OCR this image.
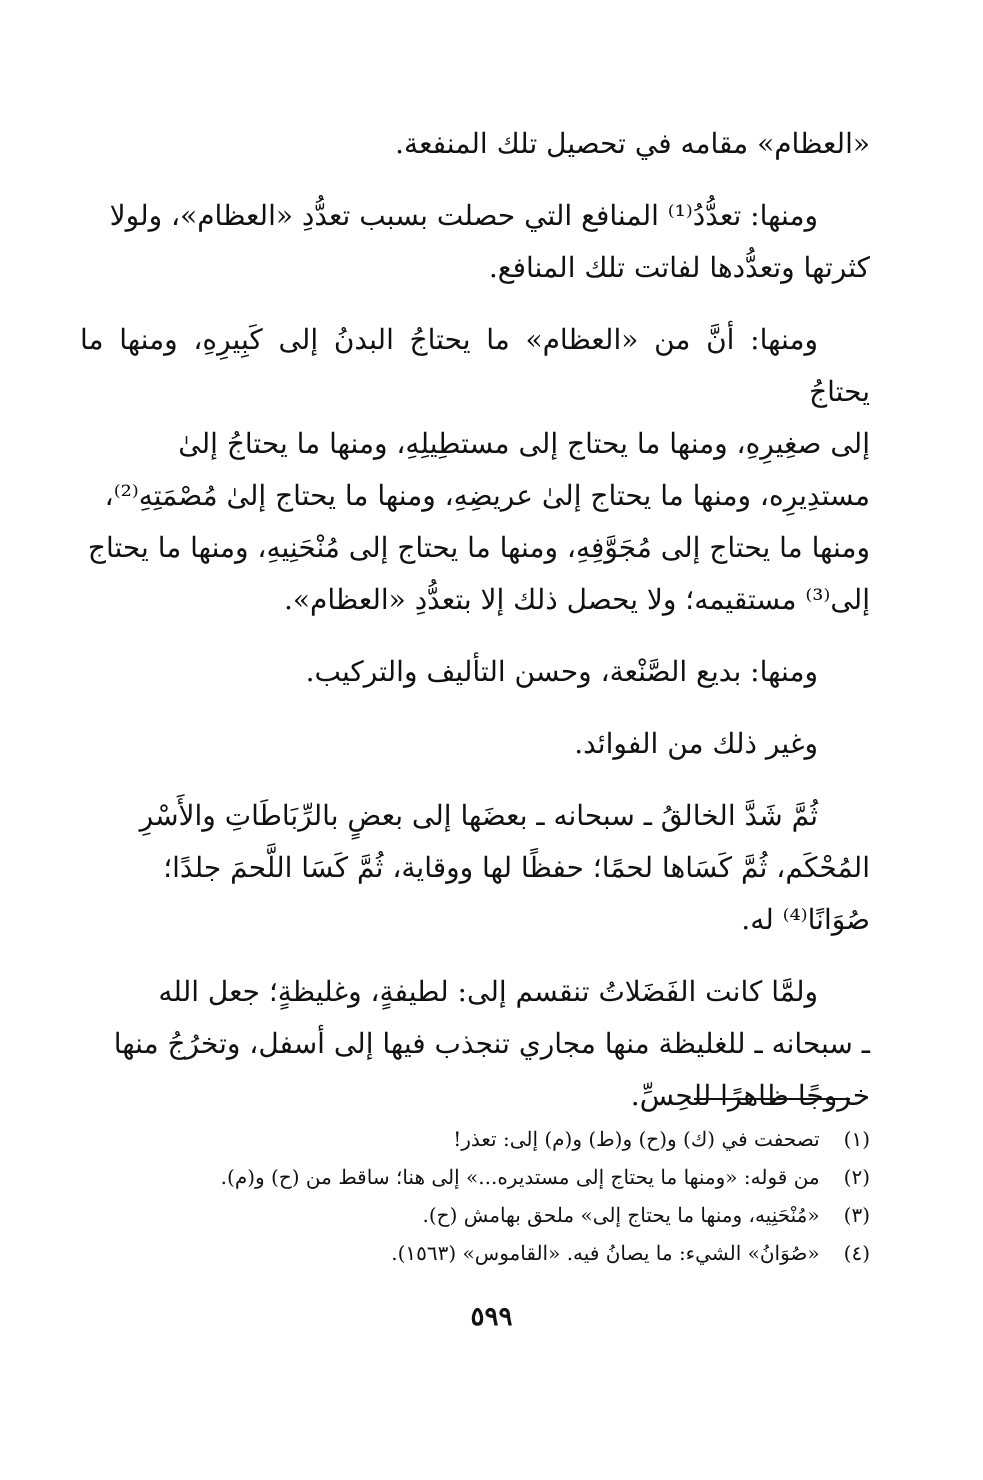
«العظام» مقامه في تحصيل تلك المنفعة.

ومنها: تعدُّدُ⁽¹⁾ المنافع التي حصلت بسبب تعدُّدِ «العظام»، ولولا
كثرتها وتعدُّدها لفاتت تلك المنافع.

ومنها: أنَّ من «العظام» ما يحتاجُ البدنُ إلى كَبِيرِهِ، ومنها ما يحتاجُ
إلى صغِيرِهِ، ومنها ما يحتاج إلى مستطِيلِهِ، ومنها ما يحتاجُ إلىٰ
مستدِيرِه، ومنها ما يحتاج إلىٰ عريضِهِ، ومنها ما يحتاج إلىٰ مُصْمَتِهِ⁽²⁾،
ومنها ما يحتاج إلى مُجَوَّفِهِ، ومنها ما يحتاج إلى مُنْحَنِيهِ، ومنها ما يحتاج
إلى⁽³⁾ مستقيمه؛ ولا يحصل ذلك إلا بتعدُّدِ «العظام».

ومنها: بديع الصَّنْعة، وحسن التأليف والتركيب.

وغير ذلك من الفوائد.

ثُمَّ شَدَّ الخالقُ ـ سبحانه ـ بعضَها إلى بعضٍ بالرِّبَاطَاتِ والأَسْرِ
المُحْكَم، ثُمَّ كَسَاها لحمًا؛ حفظًا لها ووقاية، ثُمَّ كَسَا اللَّحمَ جلدًا؛
صُوَانًا⁽⁴⁾ له.

ولمَّا كانت الفَضَلاتُ تنقسم إلى: لطيفةٍ، وغليظةٍ؛ جعل الله
ـ سبحانه ـ للغليظة منها مجاري تنجذب فيها إلى أسفل، وتخرُجُ منها
خروجًا ظاهرًا للحِسِّ.

(١) تصحفت في (ك) و(ح) و(ط) و(م) إلى: تعذر!
(٢) من قوله: «ومنها ما يحتاج إلى مستديره...» إلى هنا؛ ساقط من (ح) و(م).
(٣) «مُنْحَنِيه، ومنها ما يحتاج إلى» ملحق بهامش (ح).
(٤) «صُوَانُ» الشيء: ما يصانُ فيه. «القاموس» (١٥٦٣).
٥٩٩
